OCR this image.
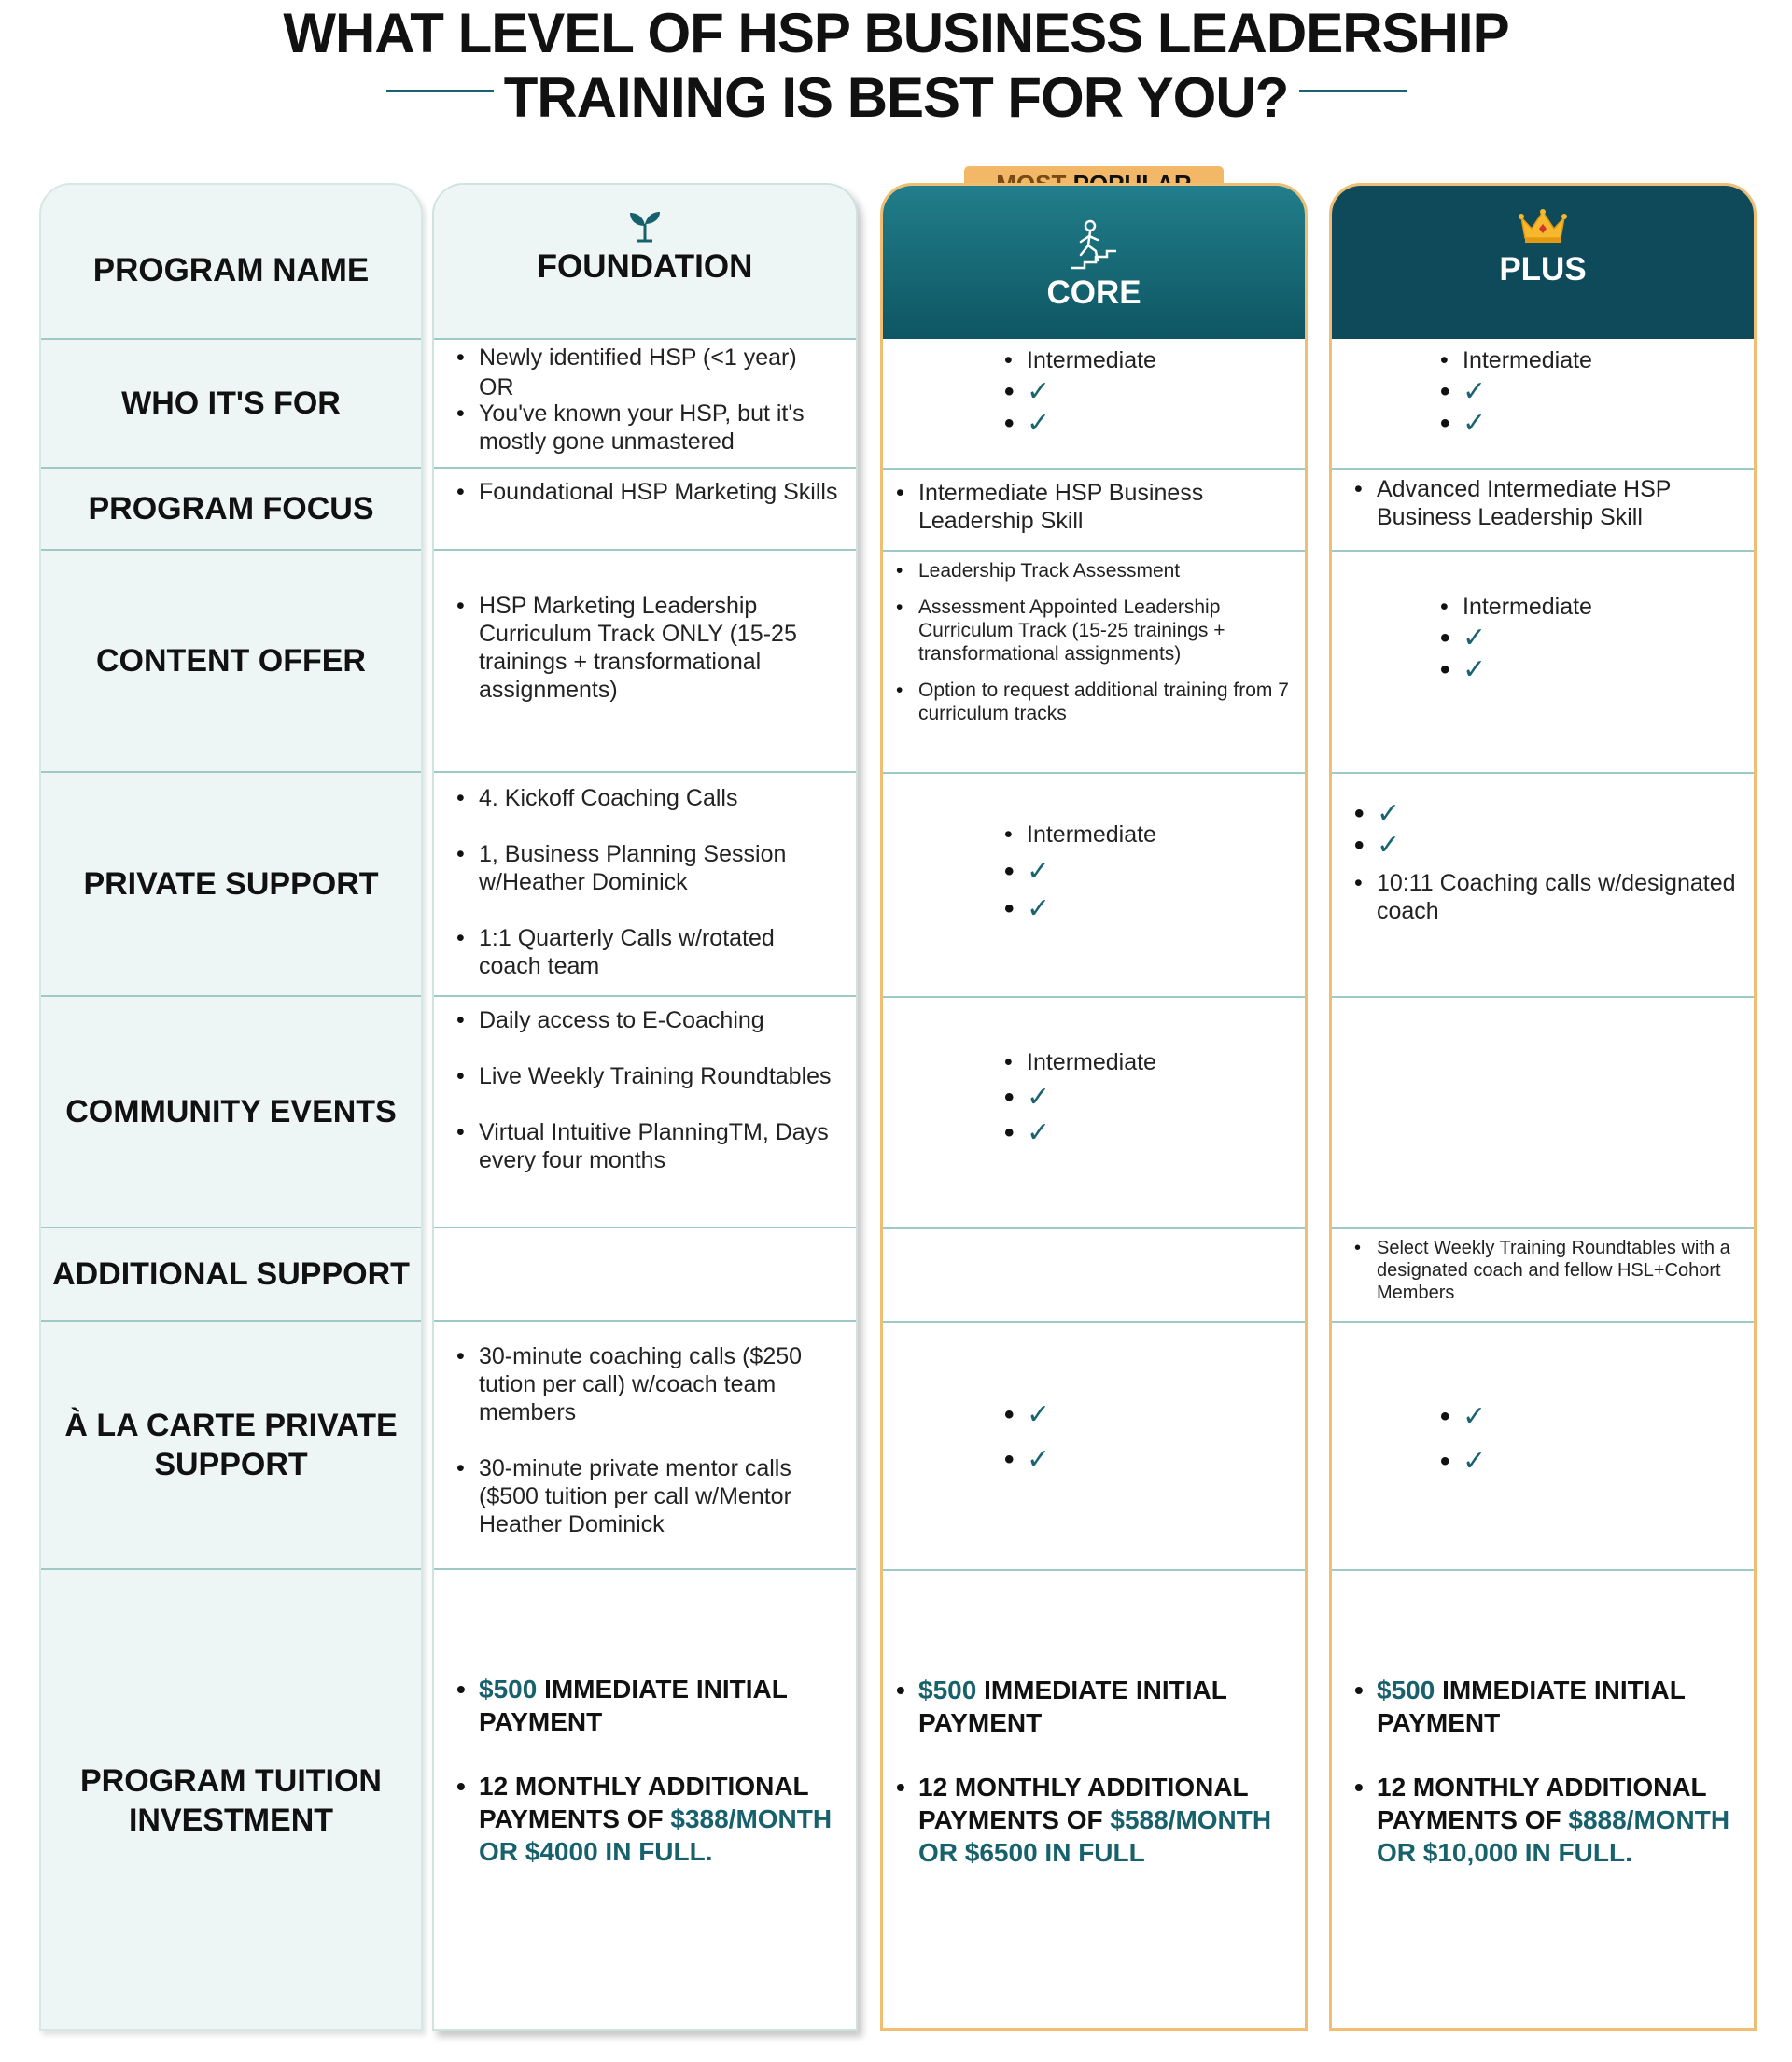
WHAT LEVEL OF HSP BUSINESS LEADERSHIP
TRAINING IS BEST FOR YOU?
PROGRAM NAME
WHO IT'S FOR
PROGRAM FOCUS
CONTENT OFFER
PRIVATE SUPPORT
COMMUNITY EVENTS
ADDITIONAL SUPPORT
À LA CARTE PRIVATE SUPPORT
PROGRAM TUITION INVESTMENT
FOUNDATION
• Newly identified HSP (<1 year)
OR
• You've known your HSP, but it's mostly gone unmastered
• Foundational HSP Marketing Skills
• HSP Marketing Leadership Curriculum Track ONLY (15-25 trainings + transformational assignments)
• 4. Kickoff Coaching Calls
• 1, Business Planning Session w/Heather Dominick
• 1:1 Quarterly Calls w/rotated coach team
• Daily access to E-Coaching
• Live Weekly Training Roundtables
• Virtual Intuitive PlanningTM, Days every four months
• 30-minute coaching calls ($250 tution per call) w/coach team members
• 30-minute private mentor calls ($500 tuition per call w/Mentor Heather Dominick
• $500 IMMEDIATE INITIAL PAYMENT
• 12 MONTHLY ADDITIONAL PAYMENTS OF $388/MONTH OR $4000 IN FULL.
CORE
• Intermediate
• ✓
• ✓
• Intermediate HSP Business Leadership Skill
• Leadership Track Assessment
• Assessment Appointed Leadership Curriculum Track (15-25 trainings + transformational assignments)
• Option to request additional training from 7 curriculum tracks
• Intermediate
• ✓
• ✓
• Intermediate
• ✓
• ✓
• ✓
• ✓
• $500 IMMEDIATE INITIAL PAYMENT
• 12 MONTHLY ADDITIONAL PAYMENTS OF $588/MONTH OR $6500 IN FULL
PLUS
• Intermediate
• ✓
• ✓
• Advanced Intermediate HSP Business Leadership Skill
• Intermediate
• ✓
• ✓
• ✓
• ✓
• 10:11 Coaching calls w/designated coach
• Select Weekly Training Roundtables with a designated coach and fellow HSL+Cohort Members
• ✓
• ✓
• $500 IMMEDIATE INITIAL PAYMENT
• 12 MONTHLY ADDITIONAL PAYMENTS OF $888/MONTH OR $10,000 IN FULL.
